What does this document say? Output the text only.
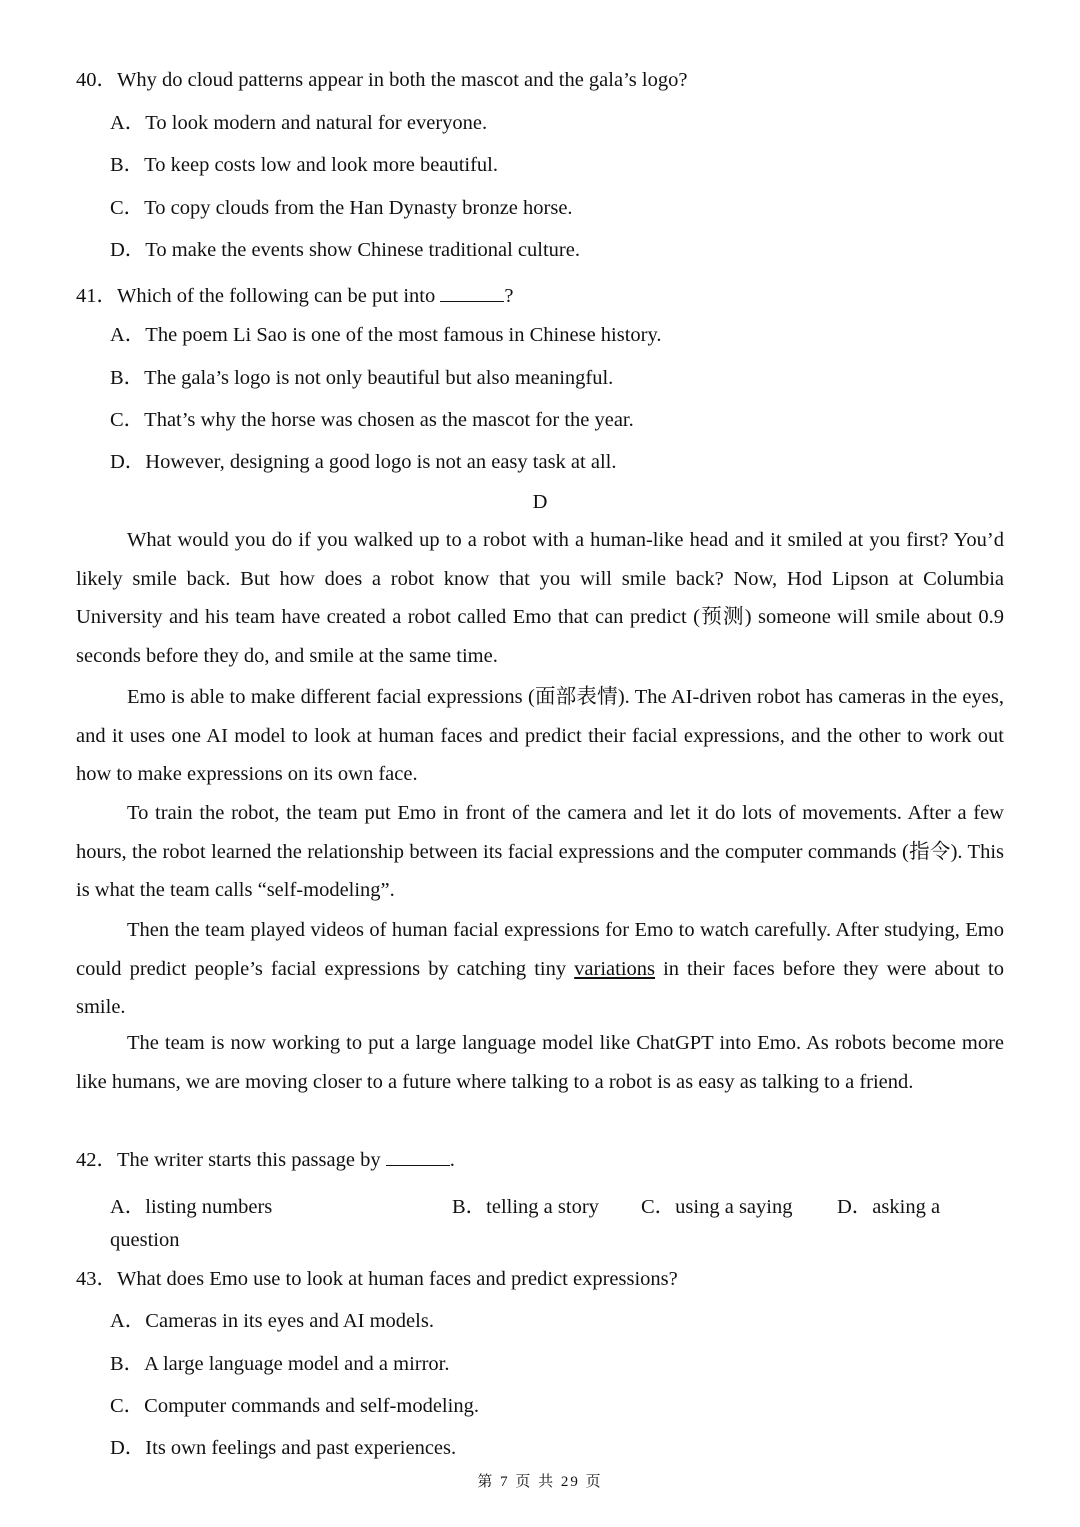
40．Why do cloud patterns appear in both the mascot and the gala’s logo?
A．To look modern and natural for everyone.
B．To keep costs low and look more beautiful.
C．To copy clouds from the Han Dynasty bronze horse.
D．To make the events show Chinese traditional culture.
41．Which of the following can be put into	?
A．The poem Li Sao is one of the most famous in Chinese history.
B．The gala’s logo is not only beautiful but also meaningful.
C．That’s why the horse was chosen as the mascot for the year.
D．However, designing a good logo is not an easy task at all.
D
What would you do if you walked up to a robot with a human-like head and it smiled at you first? You’d likely smile back. But how does a robot know that you will smile back? Now, Hod Lipson at Columbia University and his team have created a robot called Emo that can predict (预测) someone will smile about 0.9 seconds before they do, and smile at the same time.
Emo is able to make different facial expressions (面部表情). The AI-driven robot has cameras in the eyes, and it uses one AI model to look at human faces and predict their facial expressions, and the other to work out how to make expressions on its own face.
To train the robot, the team put Emo in front of the camera and let it do lots of movements. After a few hours, the robot learned the relationship between its facial expressions and the computer commands (指令). This is what the team calls “self-modeling”.
Then the team played videos of human facial expressions for Emo to watch carefully. After studying, Emo could predict people’s facial expressions by catching tiny variations in their faces before they were about to smile.
The team is now working to put a large language model like ChatGPT into Emo. As robots become more like humans, we are moving closer to a future where talking to a robot is as easy as talking to a friend.
42．The writer starts this passage by	.
A．listing numbers	B．telling a story C．using a saying D．asking a
question
43．What does Emo use to look at human faces and predict expressions?
A．Cameras in its eyes and AI models.
B．A large language model and a mirror.
C．Computer commands and self-modeling.
D．Its own feelings and past experiences.
第 7 页 共 29 页
